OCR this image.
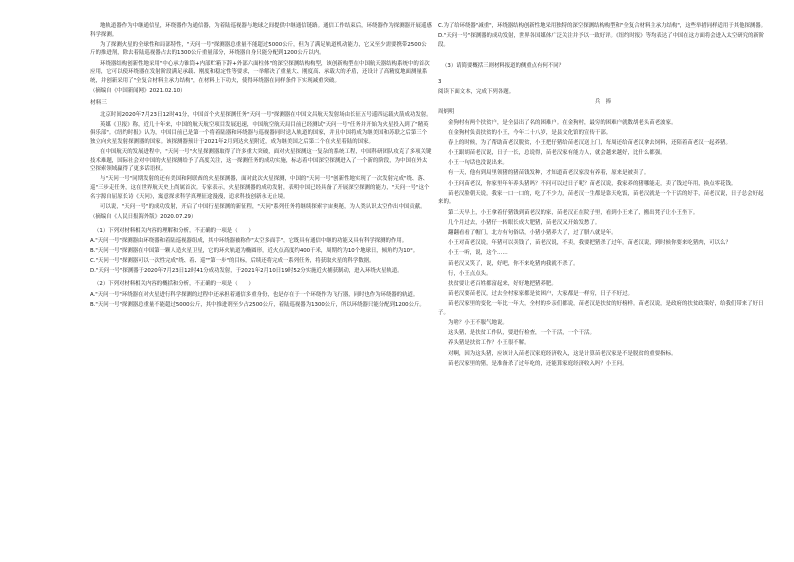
地轨道器作为中继通信星，环绕器作为通信器，为着陆巡视器与地球之间提供中继通信链路。通信工作结束后，环绕器作为探测器开展遥感科学探测。

为了探测火星的全球性和局部特性，"天问一号"探测器总重量不能超过5000公斤，但为了满足轨道机动能力，它又至少需要携带2500公斤的推进剂，除去着陆巡视器占去的1300公斤重量部分，环绕器自身只能分配到1200公斤以内。

环绕器结构创新性地采用"中心承力锥筒+内部贮箱下辞+外部六面柱体"的深空探测结构构型，该创新构型在中国航天器结构系统中的首次应用，它可以使环绕器在发射阶段满足承载、刚度和稳定性等要求，一举解决了重量大、刚度高、承载大的矛盾，还设计了高精度地面测量系统，并创新采用了"全复合材料主承力结构"，在材料上下功夫，使得环绕器在同样条件下实现减重突破。

（摘编自《中国新闻网》2021.02.10）

材料三

北京时间2020年7月23日12时41分，中国首个火星探测任务"天问一号"探测器在中国文昌航天发射场由长征五号遥四运载火箭成功发射。

英媒《卫报》称，近几十年来，中国的航天航空项目发展迅速，中国航空航天局目前已经测试"天问一号"任务并开始为火星投入到了"精英俱乐部"。《纽约时报》认为，中国目前已是第一个将着陆器和环绕器与巡视器同时送入轨道的国家，并且中国将成为继美国和苏联之后第三个独立向火星发射探测器的国家。该探测器预计于2021年2月到达火星附近，成为继美国之后第二个在火星着陆的国家。

在中国航天的发展进程中，"天问一号"火星探测器取得了许多重大突破，面对火星探测这一复杂的系统工程，中国科研团队攻克了多项关键技术难题，国际社会对中国的火星探测给予了高度关注，这一探测任务的成功实施，标志着中国深空探测进入了一个新的阶段，为中国在外太空探索领域赢得了更多话语权。

与"天问一号"同期发射的还有美国和阿联酋的火星探测器，面对此次火星探测，中国的"天问一号"创新性地实现了一次发射完成"绕、落、巡"三步走任务，这在世界航天史上尚属首次。专家表示，火星探测器的成功发射，表明中国已经具备了开展深空探测的能力，"天问一号"这个名字源自屈原长诗《天问》，寓意探求科学真理征途漫漫，追求科技创新永无止境。

可以说，"天问一号"的成功发射，开启了中国行星探测的新征程，"天问"系列任务将继续探索宇宙奥秘，为人类认识太空作出中国贡献。

（摘编自《人民日报海外版》2020.07.29）

（1）下列对材料相关内容的理解和分析，不正确的一项是（　　）

A."天问一号"探测器由环绕器和着陆巡视器组成，其中环绕器被称作"太空多面手"，它既具有通信中继的功能又具有科学探测的作用。

B."天问一号"探测器在中国第一颗人造火星卫星，它的环火轨道为椭圆形，近火点高度约400千米，周期约为10个地球日，倾角约为10°。

C."天问一号"探测器可以一次性完成"绕、着、巡""第一步"的目标，后续还将完成一系列任务，将获取火星的科学数据。

D."天问一号"探测器于2020年7月23日12时41分成功发射，于2021年2月10日19时52分实施近火捕获制动，进入环绕火星轨道。

（2）下列对材料相关内容的概括和分析，不正确的一项是（　　）

A."天问一号"环绕器在对火星进行科学探测的过程中还承担着通信多重身份，也是存在于一个环绕作为飞行器，同时也作为环绕器的轨道。

B."天问一号"探测器总重量不能超过5000公斤，其中推进剂至少占2500公斤，着陆巡视器为1300公斤，所以环绕器只能分配到1200公斤。

C.为了给环绕器"减重"，环绕器结构创新性地采用独特的深空探测结构构型和"全复合材料主承力结构"，这些举措同样适用于其他探测器。

D."天问一号"探测器的成功发射，世界各国媒体广泛关注并予以一致好评。《纽约时报》等均表达了中国在这方面将会进入太空研究的新阶段。

（3）请简要概括三则材料报道的侧重点有何不同？

3

阅读下面文本，完成下列各题。

兵　捧

周炳明

金狗村有两个扶贫户，是全县出了名的困难户。在金狗村，最穷的困难户就数胡老头苗老波家。

在金狗村负责扶贫的小王，今年二十八岁，是县文化馆的宣传干部。

春上的时候，为了帮助苗老汉脱贫，小王把仔猪给苗老汉送上门，每周还给苗老汉拿去饲料，还陪着苗老汉一起养猪。

小王跟胡苗老汉说，日子一长，总说得，苗老汉家有能力人，就会越来越好，比什么都强。

小王一句话也没说出来。

有一天，他有到局里领猪的猪苗钱发种，才知道苗老汉家没有养着，原来是被卖了。

小王问苗老汉，你家里年年养头猪吗？不问可以过日子呢？苗老汉说，我家养的猪哪能走，卖了钱过年用，换点零花钱。

苗老汉脸朝天说，我家一口一口的，吃了不少力，苗老汉一生都是靠天吃饭，苗老汉就是一个干活的好手，苗老汉说，日子总会好起来的。

第二天早上，小王拿着仔猪钱到苗老汉的家，苗老汉正在院子里，看到小王来了，搬出凳子让小王坐下。

几个月过去，小猪仔一转眼长成大肥猪，苗老汉又开始发愁了。

翻翻看看了帽门，北方有句俗话，小猪小猪养大了，过了腊八就是年。

小王对苗老汉说，年猪可以卖钱了，苗老汉说，不卖，我要把猪杀了过年，苗老汉说，到时候你要来吃猪肉，可以么？

小王一听，说，这个……

苗老汉又笑了，说，好吧，你不来吃猪肉我就不杀了。

行，小王点点头。

扶贫要让老百姓都富起来，好好地把猪养肥。

苗老汉要苗老汉，过去全村家家都是贫困户，大家都是一样穷，日子不好过。

苗老汉家里的变化一年比一年大，全村的乡亲们都说，苗老汉是扶贫的好榜样。苗老汉说，是政府的扶贫政策好，给我们带来了好日子。

为啥？小王不服气地说。

这头猪，是扶贫工作队，要进行检查，一个干活，一个干活。

养头猪是扶贫工作？小王很不解。

对啊，因为这头猪，应该计入苗老汉家庭经济收入，这是计算苗老汉家是不是脱贫的重要指标。

苗老汉家里的猪，是准备杀了过年吃的，还能算家庭经济收入吗？小王问。
